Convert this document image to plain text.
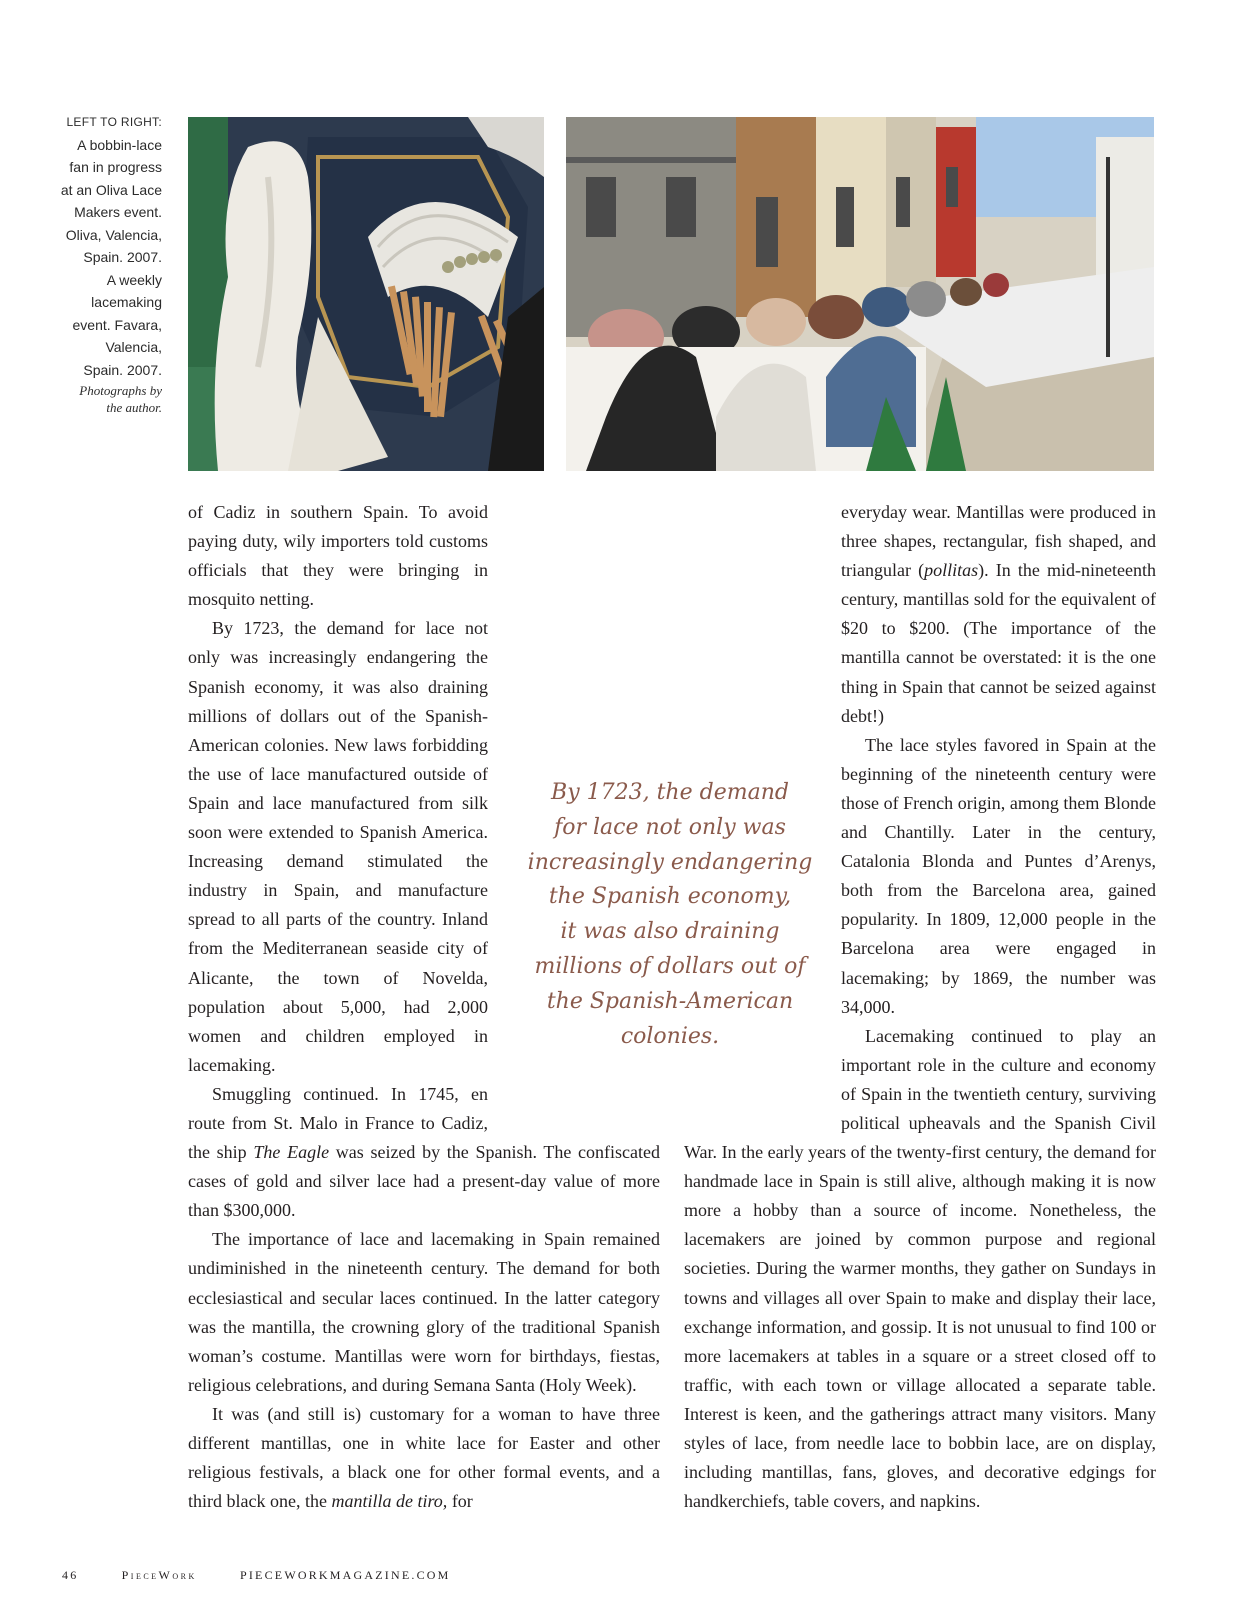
LEFT TO RIGHT:
A bobbin-lace
fan in progress
at an Oliva Lace
Makers event.
Oliva, Valencia,
Spain. 2007.
A weekly
lacemaking
event. Favara,
Valencia,
Spain. 2007.
Photographs by
the author.
By 1723, the demand
for lace not only was
increasingly endangering
the Spanish economy,
it was also draining
millions of dollars out of
the Spanish-American
colonies.

of Cadiz in southern Spain. To avoid paying duty, wily importers told customs officials that they were bringing in mosquito netting.

By 1723, the demand for lace not only was increasingly endangering the Spanish economy, it was also draining millions of dollars out of the Spanish-American colonies. New laws forbidding the use of lace manufactured outside of Spain and lace manufactured from silk soon were extended to Spanish America. Increasing demand stimulated the industry in Spain, and manufacture spread to all parts of the country. Inland from the Mediterranean seaside city of Alicante, the town of Novelda, population about 5,000, had 2,000 women and children employed in lacemaking.

Smuggling continued. In 1745, en route from St. Malo in France to Cadiz, the ship The Eagle was seized by the Spanish. The confiscated cases of gold and silver lace had a present-day value of more than $300,000.

The importance of lace and lacemaking in Spain remained undiminished in the nineteenth century. The demand for both ecclesiastical and secular laces continued. In the latter category was the mantilla, the crowning glory of the traditional Spanish woman’s costume. Mantillas were worn for birthdays, fiestas, religious celebrations, and during Semana Santa (Holy Week).

It was (and still is) customary for a woman to have three different mantillas, one in white lace for Easter and other religious festivals, a black one for other formal events, and a third black one, the mantilla de tiro, for

everyday wear. Mantillas were produced in three shapes, rectangular, fish shaped, and triangular (pollitas). In the mid-nineteenth century, mantillas sold for the equivalent of $20 to $200. (The importance of the mantilla cannot be overstated: it is the one thing in Spain that cannot be seized against debt!)

The lace styles favored in Spain at the beginning of the nineteenth century were those of French origin, among them Blonde and Chantilly. Later in the century, Catalonia Blonda and Puntes d’Arenys, both from the Barcelona area, gained popularity. In 1809, 12,000 people in the Barcelona area were engaged in lacemaking; by 1869, the number was 34,000.

Lacemaking continued to play an important role in the culture and economy of Spain in the twentieth century, surviving political upheavals and the Spanish Civil War. In the early years of the twenty-first century, the demand for handmade lace in Spain is still alive, although making it is now more a hobby than a source of income. Nonetheless, the lacemakers are joined by common purpose and regional societies. During the warmer months, they gather on Sundays in towns and villages all over Spain to make and display their lace, exchange information, and gossip. It is not unusual to find 100 or more lacemakers at tables in a square or a street closed off to traffic, with each town or village allocated a separate table. Interest is keen, and the gatherings attract many visitors. Many styles of lace, from needle lace to bobbin lace, are on display, including mantillas, fans, gloves, and decorative edgings for handkerchiefs, table covers, and napkins.

46	PieceWork	PIECEWORKMAGAZINE.COM
